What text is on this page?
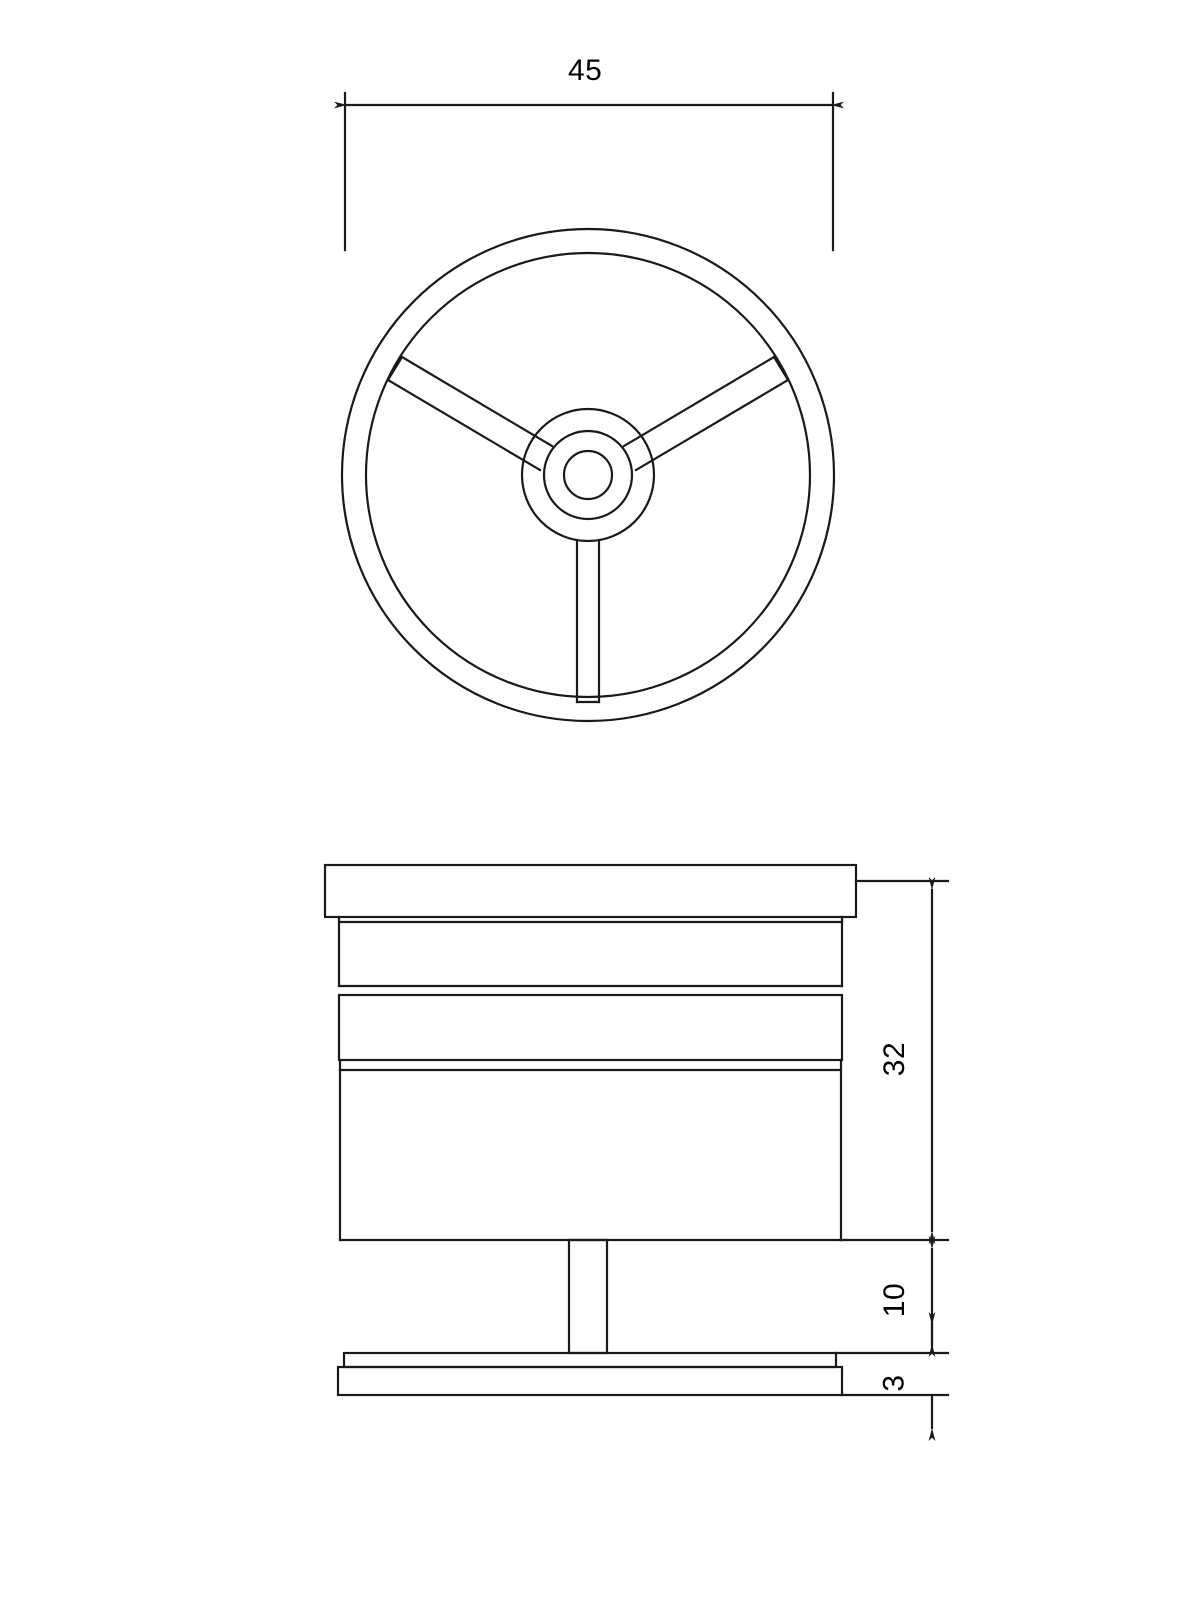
45
32
10
3
